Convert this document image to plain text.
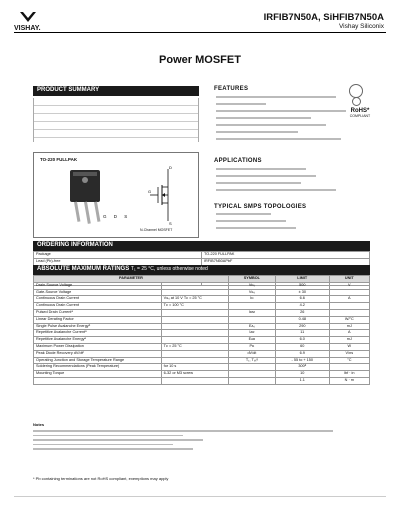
VISHAY.
IRFIB7N50A, SiHFIB7N50A
Vishay Siliconix
Power MOSFET
PRODUCT SUMMARY
TO-220 FULLPAK
G D S
D
G
S
N-Channel MOSFET
FEATURES
RoHS*
COMPLIANT
APPLICATIONS
TYPICAL SMPS TOPOLOGIES
ORDERING INFORMATION
Package	TO-220 FULLPAK
Lead (Pb)-free	IRFIB7N50APbF

ABSOLUTE MAXIMUM RATINGS T₁ = 25 °C, unless otherwise noted
PARAMETER		SYMBOL	LIMIT	UNIT
Drain-Source Voltage		Vᴅₛ	500	V
Gate-Source Voltage		Vɢₛ	± 30	
Continuous Drain Current	Vɢₛ at 10 V Tᴄ = 25 °C	Iᴅ	6.6	A
Continuous Drain Current	Tᴄ = 100 °C		4.2	
Pulsed Drain Currentᵃ		Iᴅᴍ	26	
Linear Derating Factor			0.48	W/°C
Single Pulse Avalanche Energyᵇ		Eᴀₛ	290	mJ
Repetitive Avalanche Currentᵃ		Iᴀʀ	11	A
Repetitive Avalanche Energyᵃ		Eᴀʀ	6.0	mJ
Maximum Power Dissipation	Tᴄ = 25 °C	Pᴅ	60	W
Peak Diode Recovery dV/dtᶜ		dV/dt	6.9	V/ns
Operating Junction and Storage Temperature Range		T₁, Tₛₜᵍ	- 55 to + 150	°C
Soldering Recommendations (Peak Temperature)	for 10 s		300ᵈ	
Mounting Torque	6-32 or M3 screw		10	lbf · in
			1.1	N · m
Notes
* Pb containing terminations are not RoHS compliant, exemptions may apply
